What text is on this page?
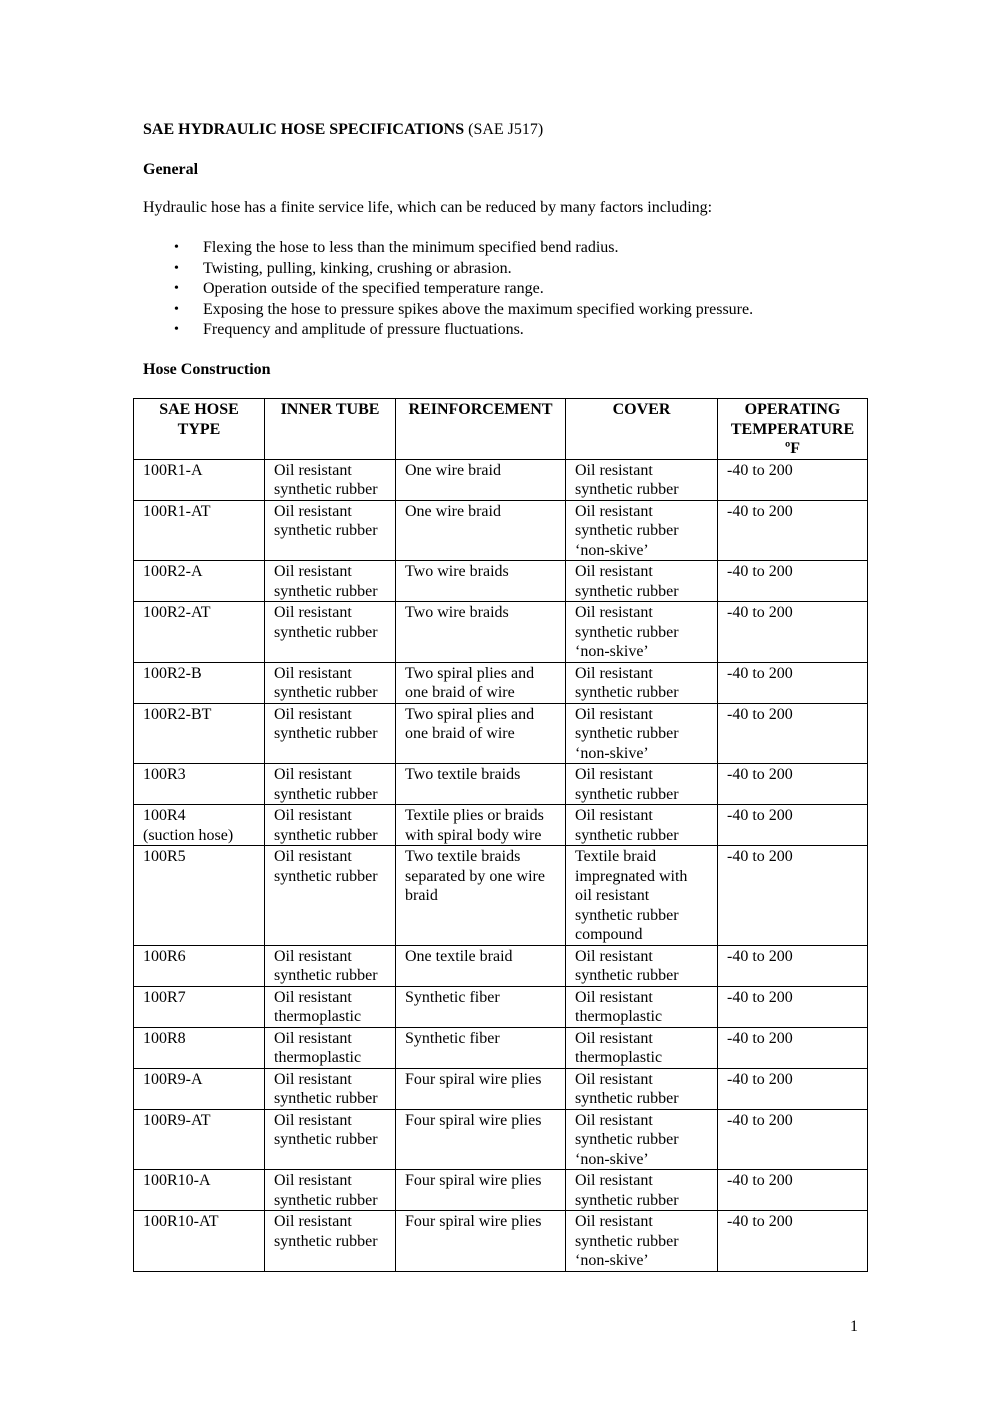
SAE HYDRAULIC HOSE SPECIFICATIONS (SAE J517)
General
Hydraulic hose has a finite service life, which can be reduced by many factors including:
• Flexing the hose to less than the minimum specified bend radius.
• Twisting, pulling, kinking, crushing or abrasion.
• Operation outside of the specified temperature range.
• Exposing the hose to pressure spikes above the maximum specified working pressure.
• Frequency and amplitude of pressure fluctuations.
Hose Construction
SAE HOSE
TYPE	INNER TUBE	REINFORCEMENT	COVER	OPERATING
TEMPERATURE
ºF

100R1-A	Oil resistant
synthetic rubber	One wire braid	Oil resistant
synthetic rubber	-40 to 200

100R1-AT	Oil resistant
synthetic rubber	One wire braid	Oil resistant
synthetic rubber
‘non-skive’	-40 to 200

100R2-A	Oil resistant
synthetic rubber	Two wire braids	Oil resistant
synthetic rubber	-40 to 200

100R2-AT	Oil resistant
synthetic rubber	Two wire braids	Oil resistant
synthetic rubber
‘non-skive’	-40 to 200

100R2-B	Oil resistant
synthetic rubber	Two spiral plies and
one braid of wire	Oil resistant
synthetic rubber	-40 to 200

100R2-BT	Oil resistant
synthetic rubber	Two spiral plies and
one braid of wire	Oil resistant
synthetic rubber
‘non-skive’	-40 to 200

100R3	Oil resistant
synthetic rubber	Two textile braids	Oil resistant
synthetic rubber	-40 to 200

100R4
(suction hose)	Oil resistant
synthetic rubber	Textile plies or braids
with spiral body wire	Oil resistant
synthetic rubber	-40 to 200

100R5	Oil resistant
synthetic rubber	Two textile braids
separated by one wire
braid	Textile braid
impregnated with
oil resistant
synthetic rubber
compound	-40 to 200

100R6	Oil resistant
synthetic rubber	One textile braid	Oil resistant
synthetic rubber	-40 to 200

100R7	Oil resistant
thermoplastic	Synthetic fiber	Oil resistant
thermoplastic	-40 to 200

100R8	Oil resistant
thermoplastic	Synthetic fiber	Oil resistant
thermoplastic	-40 to 200

100R9-A	Oil resistant
synthetic rubber	Four spiral wire plies	Oil resistant
synthetic rubber	-40 to 200

100R9-AT	Oil resistant
synthetic rubber	Four spiral wire plies	Oil resistant
synthetic rubber
‘non-skive’	-40 to 200

100R10-A	Oil resistant
synthetic rubber	Four spiral wire plies	Oil resistant
synthetic rubber	-40 to 200

100R10-AT	Oil resistant
synthetic rubber	Four spiral wire plies	Oil resistant
synthetic rubber
‘non-skive’	-40 to 200
1
